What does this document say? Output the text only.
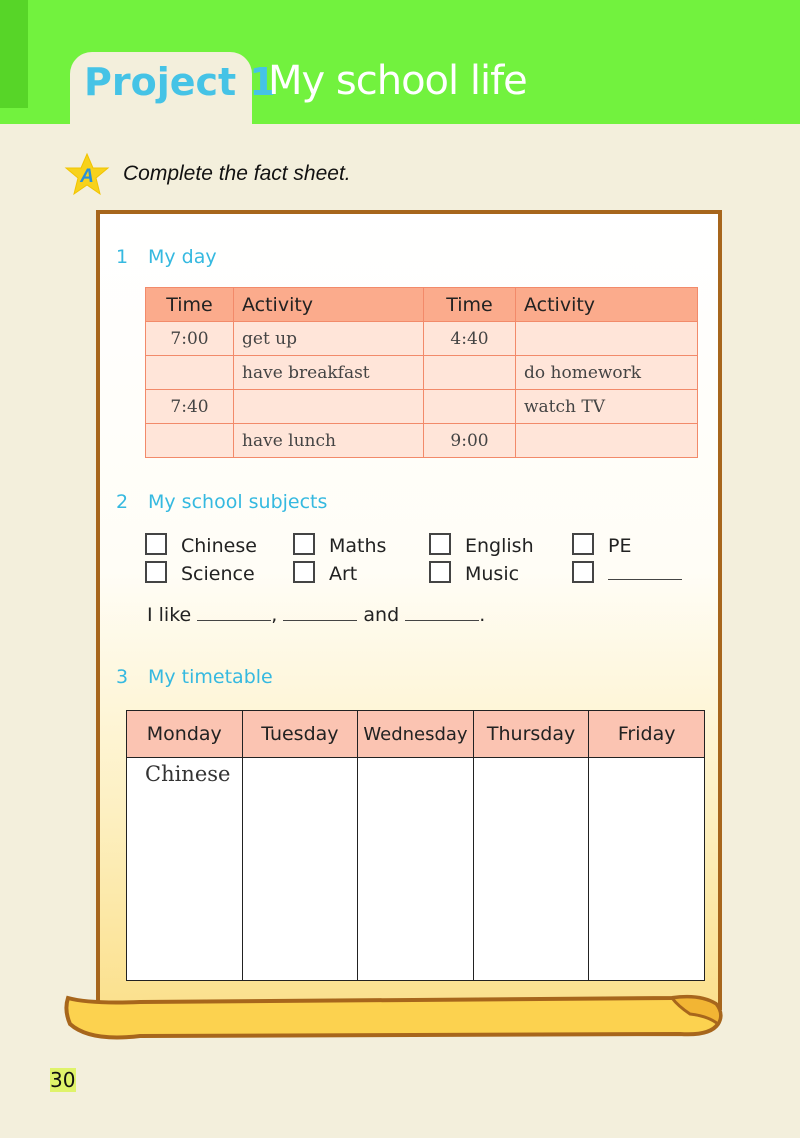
Project 1
My school life
A Complete the fact sheet.
1 My day
Time	Activity	Time	Activity
7:00	get up	4:40	
	have breakfast		do homework
7:40			watch TV
	have lunch	9:00	
2 My school subjects
Chinese	Maths	English	PE
Science	Art	Music
I like	,	and	.
3 My timetable
Monday	Tuesday	Wednesday	Thursday	Friday
Chinese				
30
